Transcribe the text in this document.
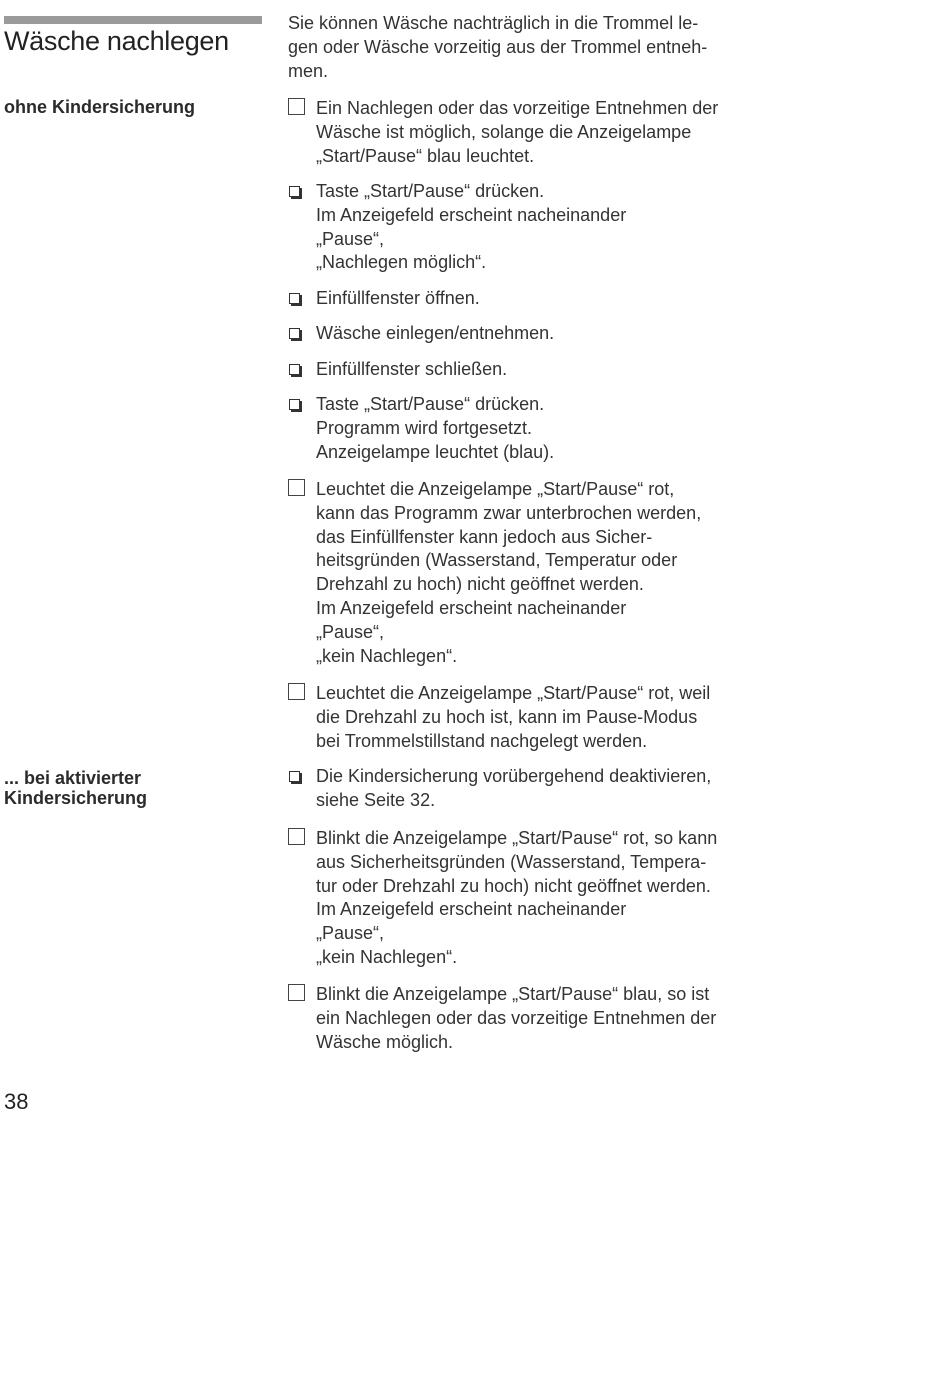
Wäsche nachlegen
ohne Kindersicherung
... bei aktivierter
Kindersicherung
Sie können Wäsche nachträglich in die Trommel le-
gen oder Wäsche vorzeitig aus der Trommel entneh-
men.
Ein Nachlegen oder das vorzeitige Entnehmen der
Wäsche ist möglich, solange die Anzeigelampe
„Start/Pause“ blau leuchtet.
Taste „Start/Pause“ drücken.
Im Anzeigefeld erscheint nacheinander
„Pause“,
„Nachlegen möglich“.
Einfüllfenster öffnen.
Wäsche einlegen/entnehmen.
Einfüllfenster schließen.
Taste „Start/Pause“ drücken.
Programm wird fortgesetzt.
Anzeigelampe leuchtet (blau).
Leuchtet die Anzeigelampe „Start/Pause“ rot,
kann das Programm zwar unterbrochen werden,
das Einfüllfenster kann jedoch aus Sicher-
heitsgründen (Wasserstand, Temperatur oder
Drehzahl zu hoch) nicht geöffnet werden.
Im Anzeigefeld erscheint nacheinander
„Pause“,
„kein Nachlegen“.
Leuchtet die Anzeigelampe „Start/Pause“ rot, weil
die Drehzahl zu hoch ist, kann im Pause-Modus
bei Trommelstillstand nachgelegt werden.
Die Kindersicherung vorübergehend deaktivieren,
siehe Seite 32.
Blinkt die Anzeigelampe „Start/Pause“ rot, so kann
aus Sicherheitsgründen (Wasserstand, Tempera-
tur oder Drehzahl zu hoch) nicht geöffnet werden.
Im Anzeigefeld erscheint nacheinander
„Pause“,
„kein Nachlegen“.
Blinkt die Anzeigelampe „Start/Pause“ blau, so ist
ein Nachlegen oder das vorzeitige Entnehmen der
Wäsche möglich.
38
